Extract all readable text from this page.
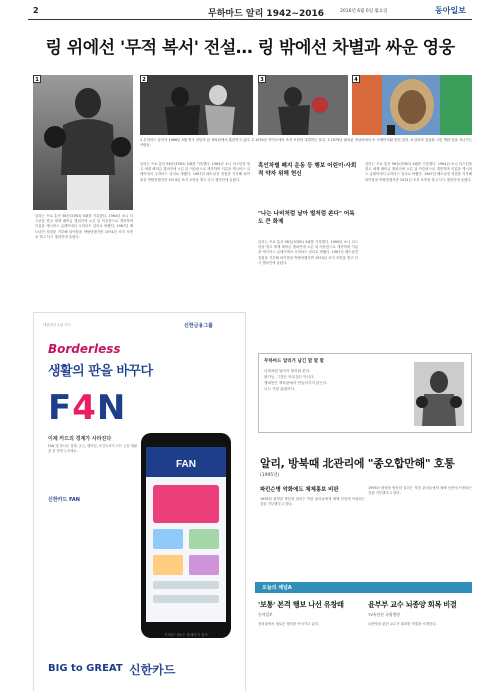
2	무하마드 알리 1942~2016	2016년 6월 6일 월요일	동아일보
링 위에선 '무적 복서' 전설… 링 밖에선 차별과 싸운 영웅
1	2	3	4
1 무하마드 알리가 1966년 5월 영국 런던의 한 체육관에서 훈련하고 있다. 2 1974년 자이르에서 조지 포먼과 대결하는 알리. 3 1975년 필리핀 마닐라에서 조 프레이저와 맞선 알리. 4 알리의 얼굴을 그린 벽화 앞을 지나가는 사람들.
알리는 프로 통산 56승(37KO) 5패를 기록했다. 1964년 소니 리스턴을 꺾고 세계 헤비급 챔피언에 오른 뒤 이슬람으로 개종하며 이름을 캐시어스 클레이에서 무하마드 알리로 바꿨다. 1967년 베트남전 징집을 거부해 타이틀을 박탈당했지만 1974년 조지 포먼을 꺾고 다시 챔피언에 올랐다.
알리는 프로 통산 56승(37KO) 5패를 기록했다. 1964년 소니 리스턴을 꺾고 세계 헤비급 챔피언에 오른 뒤 이슬람으로 개종하며 이름을 캐시어스 클레이에서 무하마드 알리로 바꿨다. 1967년 베트남전 징집을 거부해 타이틀을 박탈당했지만 1974년 조지 포먼을 꺾고 다시 챔피언에 올랐다.
흑인차별 폐지 운동 등 행보 어린이·사회적 약자 위해 헌신
"나는 나비처럼 날아 벌처럼 쏜다" 어록도 큰 화제
알리는 프로 통산 56승(37KO) 5패를 기록했다. 1964년 소니 리스턴을 꺾고 세계 헤비급 챔피언에 오른 뒤 이슬람으로 개종하며 이름을 캐시어스 클레이에서 무하마드 알리로 바꿨다. 1967년 베트남전 징집을 거부해 타이틀을 박탈당했지만 1974년 조지 포먼을 꺾고 다시 챔피언에 올랐다.
알리는 프로 통산 56승(37KO) 5패를 기록했다. 1964년 소니 리스턴을 꺾고 세계 헤비급 챔피언에 오른 뒤 이슬람으로 개종하며 이름을 캐시어스 클레이에서 무하마드 알리로 바꿨다. 1967년 베트남전 징집을 거부해 타이틀을 박탈당했지만 1974년 조지 포먼을 꺾고 다시 챔피언에 올랐다.
무하마드 알리가 남긴 말 말 말
나비처럼 날아서 벌처럼 쏜다.
불가능, 그것은 아무것도 아니다.
챔피언은 체육관에서 만들어지지 않는다.
나는 가장 위대하다.
알리, 방북때 北관리에 "종오합만해" 호통
(1995년)
파킨슨병 악화에도 체제홍보 비판
1995년 평양을 방문한 알리는 북한 관리들에게 체제 선전에 이용되는 것을 거부했다고 한다.
1995년 평양을 방문한 알리는 북한 관리들에게 체제 선전에 이용되는 것을 거부했다고 한다.
오늘의 채널A
'보통' 본격 행보 나선 유창래
동아일보
정치권에서 새로운 행보를 이어가고 있다.
윤부부 교수 뇌종양 회복 비결
TV특선산 국립병원
뇌종양을 앓던 교수가 회복한 비결을 소개한다.
대한민국 1위 카드	신한금융그룹
Borderless
생활의 판을 바꾸다
F4N
이제 카드의 경계가 사라진다
FAN 앱 하나로 결제, 송금, 멤버십, 포인트까지 모든 금융 생활을 한 번에 누리세요.
신한카드 FAN
FAN
자세한 내용은 홈페이지 참조
BIG to GREAT 신한카드
